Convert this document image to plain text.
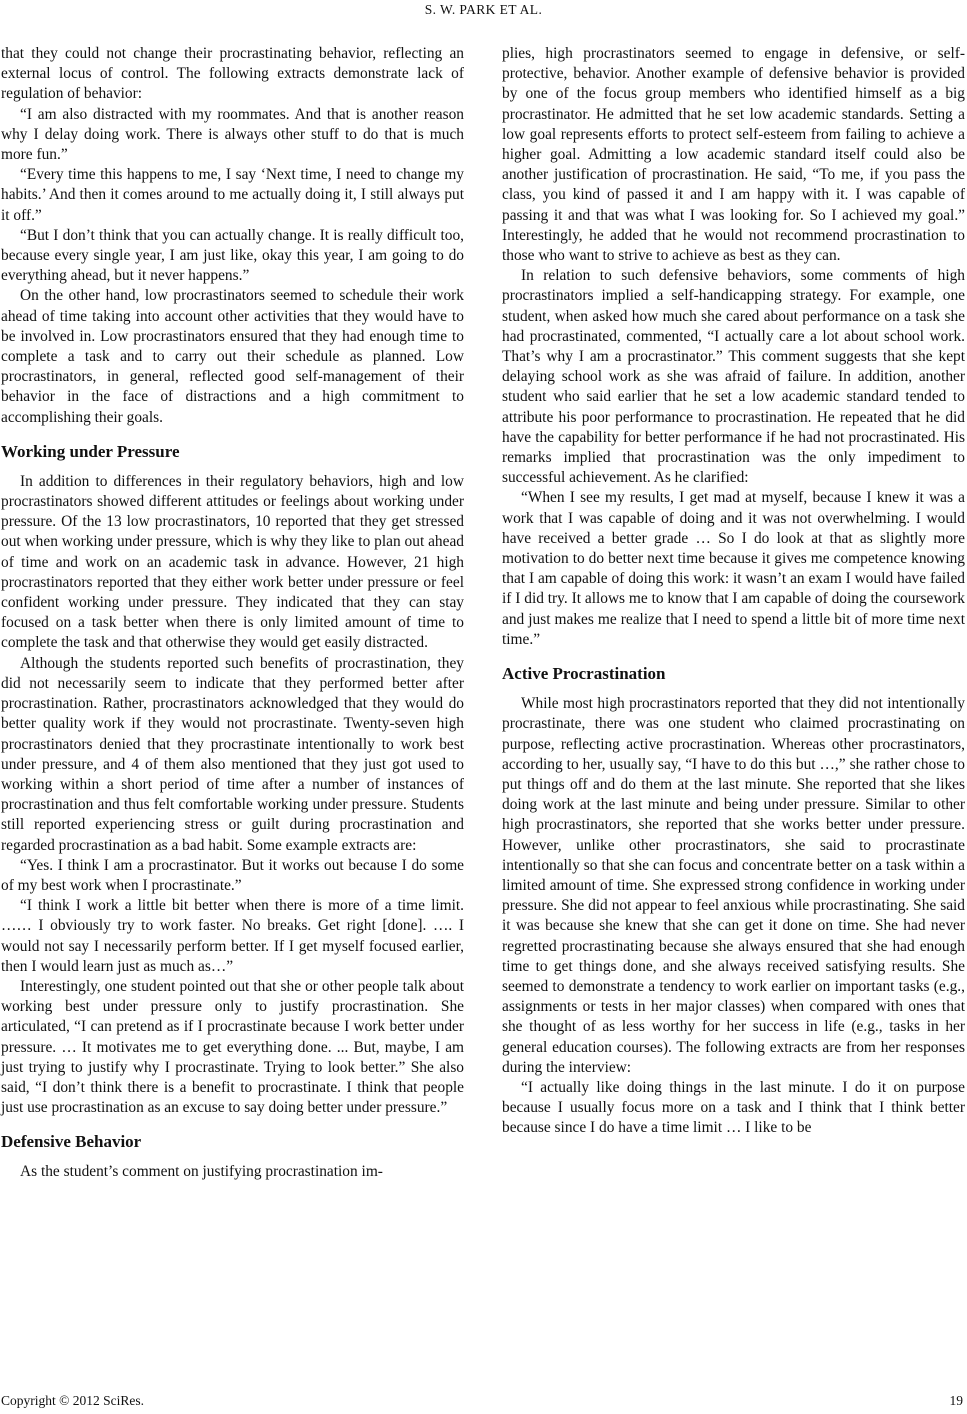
S. W. PARK ET AL.

that they could not change their procrastinating behavior, reflecting an external locus of control. The following extracts demonstrate lack of regulation of behavior:

“I am also distracted with my roommates. And that is another reason why I delay doing work. There is always other stuff to do that is much more fun.”

“Every time this happens to me, I say ‘Next time, I need to change my habits.’ And then it comes around to me actually doing it, I still always put it off.”

“But I don’t think that you can actually change. It is really difficult too, because every single year, I am just like, okay this year, I am going to do everything ahead, but it never happens.”

On the other hand, low procrastinators seemed to schedule their work ahead of time taking into account other activities that they would have to be involved in. Low procrastinators ensured that they had enough time to complete a task and to carry out their schedule as planned. Low procrastinators, in general, reflected good self-management of their behavior in the face of distractions and a high commitment to accomplishing their goals.

Working under Pressure

In addition to differences in their regulatory behaviors, high and low procrastinators showed different attitudes or feelings about working under pressure. Of the 13 low procrastinators, 10 reported that they get stressed out when working under pressure, which is why they like to plan out ahead of time and work on an academic task in advance. However, 21 high procrastinators reported that they either work better under pressure or feel confident working under pressure. They indicated that they can stay focused on a task better when there is only limited amount of time to complete the task and that otherwise they would get easily distracted.

Although the students reported such benefits of procrastination, they did not necessarily seem to indicate that they performed better after procrastination. Rather, procrastinators acknowledged that they would do better quality work if they would not procrastinate. Twenty-seven high procrastinators denied that they procrastinate intentionally to work best under pressure, and 4 of them also mentioned that they just got used to working within a short period of time after a number of instances of procrastination and thus felt comfortable working under pressure. Students still reported experiencing stress or guilt during procrastination and regarded procrastination as a bad habit. Some example extracts are:

“Yes. I think I am a procrastinator. But it works out because I do some of my best work when I procrastinate.”

“I think I work a little bit better when there is more of a time limit. …… I obviously try to work faster. No breaks. Get right [done]. …. I would not say I necessarily perform better. If I get myself focused earlier, then I would learn just as much as…”

Interestingly, one student pointed out that she or other people talk about working best under pressure only to justify procrastination. She articulated, “I can pretend as if I procrastinate because I work better under pressure. … It motivates me to get everything done. ... But, maybe, I am just trying to justify why I procrastinate. Trying to look better.” She also said, “I don’t think there is a benefit to procrastinate. I think that people just use procrastination as an excuse to say doing better under pressure.”

Defensive Behavior

As the student’s comment on justifying procrastination im-

plies, high procrastinators seemed to engage in defensive, or self-protective, behavior. Another example of defensive behavior is provided by one of the focus group members who identified himself as a big procrastinator. He admitted that he set low academic standards. Setting a low goal represents efforts to protect self-esteem from failing to achieve a higher goal. Admitting a low academic standard itself could also be another justification of procrastination. He said, “To me, if you pass the class, you kind of passed it and I am happy with it. I was capable of passing it and that was what I was looking for. So I achieved my goal.” Interestingly, he added that he would not recommend procrastination to those who want to strive to achieve as best as they can.

In relation to such defensive behaviors, some comments of high procrastinators implied a self-handicapping strategy. For example, one student, when asked how much she cared about performance on a task she had procrastinated, commented, “I actually care a lot about school work. That’s why I am a procrastinator.” This comment suggests that she kept delaying school work as she was afraid of failure. In addition, another student who said earlier that he set a low academic standard tended to attribute his poor performance to procrastination. He repeated that he did have the capability for better performance if he had not procrastinated. His remarks implied that procrastination was the only impediment to successful achievement. As he clarified:

“When I see my results, I get mad at myself, because I knew it was a work that I was capable of doing and it was not overwhelming. I would have received a better grade … So I do look at that as slightly more motivation to do better next time because it gives me competence knowing that I am capable of doing this work: it wasn’t an exam I would have failed if I did try. It allows me to know that I am capable of doing the coursework and just makes me realize that I need to spend a little bit of more time next time.”

Active Procrastination

While most high procrastinators reported that they did not intentionally procrastinate, there was one student who claimed procrastinating on purpose, reflecting active procrastination. Whereas other procrastinators, according to her, usually say, “I have to do this but …,” she rather chose to put things off and do them at the last minute. She reported that she likes doing work at the last minute and being under pressure. Similar to other high procrastinators, she reported that she works better under pressure. However, unlike other procrastinators, she said to procrastinate intentionally so that she can focus and concentrate better on a task within a limited amount of time. She expressed strong confidence in working under pressure. She did not appear to feel anxious while procrastinating. She said it was because she knew that she can get it done on time. She had never regretted procrastinating because she always ensured that she had enough time to get things done, and she always received satisfying results. She seemed to demonstrate a tendency to work earlier on important tasks (e.g., assignments or tests in her major classes) when compared with ones that she thought of as less worthy for her success in life (e.g., tasks in her general education courses). The following extracts are from her responses during the interview:

“I actually like doing things in the last minute. I do it on purpose because I usually focus more on a task and I think that I think better because since I do have a time limit … I like to be

Copyright © 2012 SciRes.	19
